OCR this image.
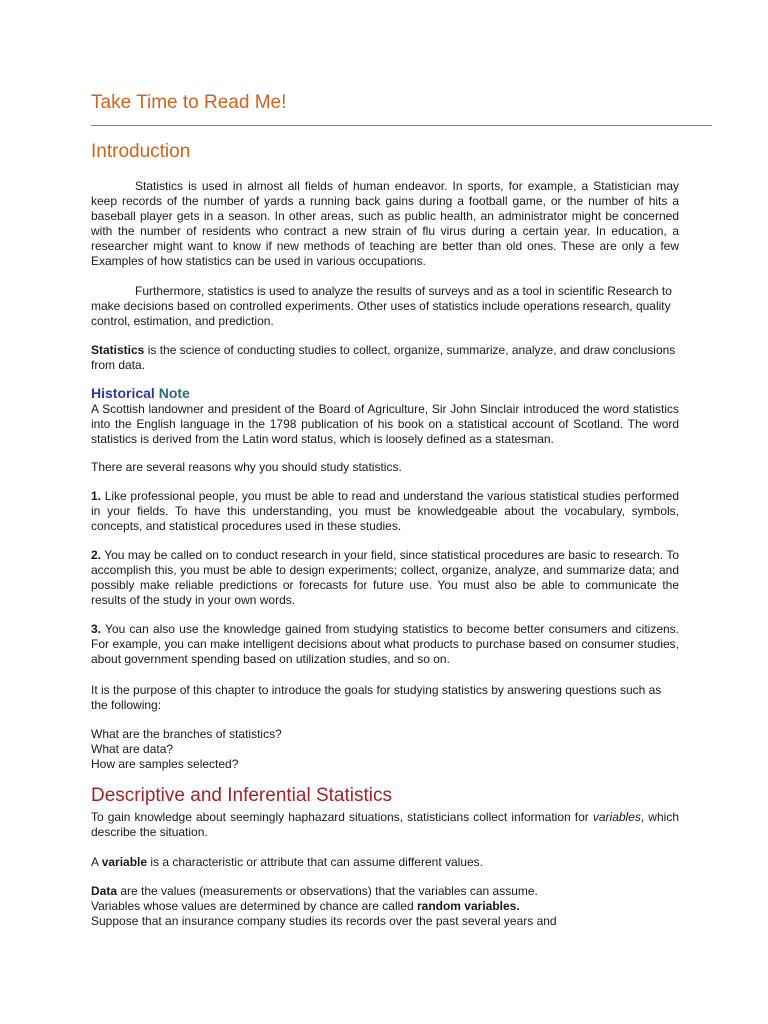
Take Time to Read Me!
Introduction

Statistics is used in almost all fields of human endeavor. In sports, for example, a Statistician may keep records of the number of yards a running back gains during a football game, or the number of hits a baseball player gets in a season. In other areas, such as public health, an administrator might be concerned with the number of residents who contract a new strain of flu virus during a certain year. In education, a researcher might want to know if new methods of teaching are better than old ones. These are only a few Examples of how statistics can be used in various occupations.

Furthermore, statistics is used to analyze the results of surveys and as a tool in scientific Research to make decisions based on controlled experiments. Other uses of statistics include operations research, quality control, estimation, and prediction.

Statistics is the science of conducting studies to collect, organize, summarize, analyze, and draw conclusions from data.

Historical Note

A Scottish landowner and president of the Board of Agriculture, Sir John Sinclair introduced the word statistics into the English language in the 1798 publication of his book on a statistical account of Scotland. The word statistics is derived from the Latin word status, which is loosely defined as a statesman.

There are several reasons why you should study statistics.

1. Like professional people, you must be able to read and understand the various statistical studies performed in your fields. To have this understanding, you must be knowledgeable about the vocabulary, symbols, concepts, and statistical procedures used in these studies.

2. You may be called on to conduct research in your field, since statistical procedures are basic to research. To accomplish this, you must be able to design experiments; collect, organize, analyze, and summarize data; and possibly make reliable predictions or forecasts for future use. You must also be able to communicate the results of the study in your own words.

3. You can also use the knowledge gained from studying statistics to become better consumers and citizens. For example, you can make intelligent decisions about what products to purchase based on consumer studies, about government spending based on utilization studies, and so on.

It is the purpose of this chapter to introduce the goals for studying statistics by answering questions such as the following:

What are the branches of statistics?
What are data?
How are samples selected?
Descriptive and Inferential Statistics

To gain knowledge about seemingly haphazard situations, statisticians collect information for variables, which describe the situation.

A variable is a characteristic or attribute that can assume different values.

Data are the values (measurements or observations) that the variables can assume.
Variables whose values are determined by chance are called random variables.
Suppose that an insurance company studies its records over the past several years and
